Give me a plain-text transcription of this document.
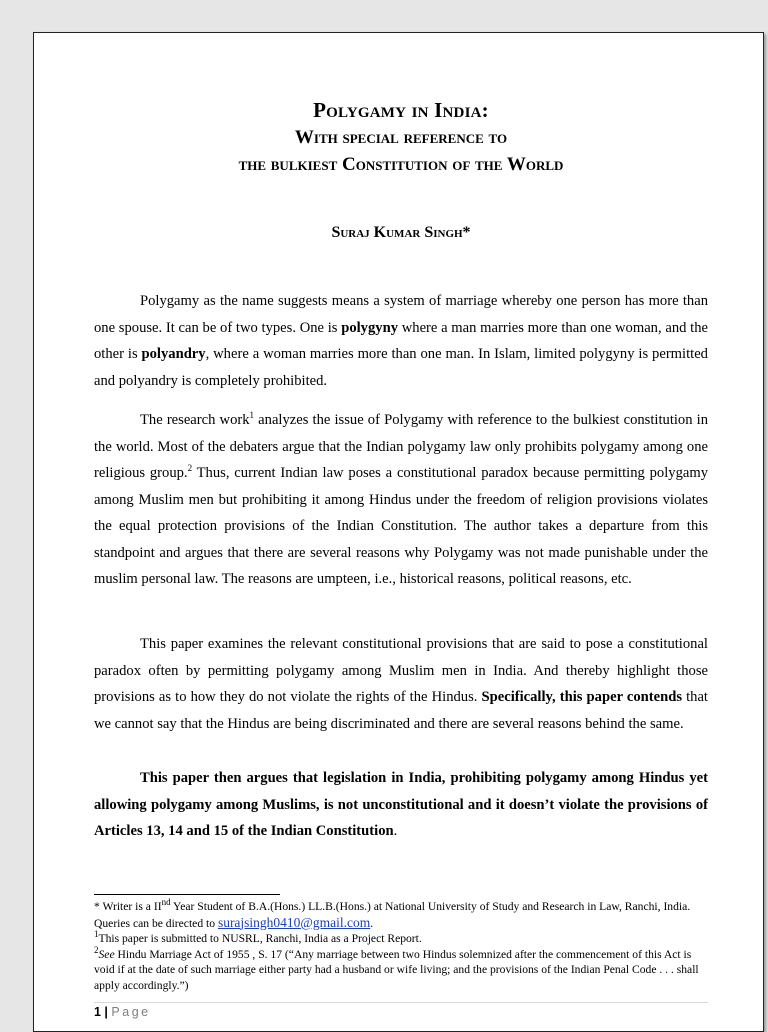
Polygamy in India:
With special reference to
the bulkiest Constitution of the World
Suraj Kumar Singh*

Polygamy as the name suggests means a system of marriage whereby one person has more than one spouse. It can be of two types. One is polygyny where a man marries more than one woman, and the other is polyandry, where a woman marries more than one man. In Islam, limited polygyny is permitted and polyandry is completely prohibited.

The research work$^1$ analyzes the issue of Polygamy with reference to the bulkiest constitution in the world. Most of the debaters argue that the Indian polygamy law only prohibits polygamy among one religious group.$^2$ Thus, current Indian law poses a constitutional paradox because permitting polygamy among Muslim men but prohibiting it among Hindus under the freedom of religion provisions violates the equal protection provisions of the Indian Constitution. The author takes a departure from this standpoint and argues that there are several reasons why Polygamy was not made punishable under the muslim personal law. The reasons are umpteen, i.e., historical reasons, political reasons, etc.

This paper examines the relevant constitutional provisions that are said to pose a constitutional paradox often by permitting polygamy among Muslim men in India. And thereby highlight those provisions as to how they do not violate the rights of the Hindus. Specifically, this paper contends that we cannot say that the Hindus are being discriminated and there are several reasons behind the same.

This paper then argues that legislation in India, prohibiting polygamy among Hindus yet allowing polygamy among Muslims, is not unconstitutional and it doesn’t violate the provisions of Articles 13, 14 and 15 of the Indian Constitution.

* Writer is a IInd Year Student of B.A.(Hons.) LL.B.(Hons.) at National University of Study and Research in Law, Ranchi, India. Queries can be directed to surajsingh0410@gmail.com.

$^1$This paper is submitted to NUSRL, Ranchi, India as a Project Report.

$^2$See Hindu Marriage Act of 1955 , S. 17 (“Any marriage between two Hindus solemnized after the commencement of this Act is void if at the date of such marriage either party had a husband or wife living; and the provisions of the Indian Penal Code . . . shall apply accordingly.”)

1 | Page
